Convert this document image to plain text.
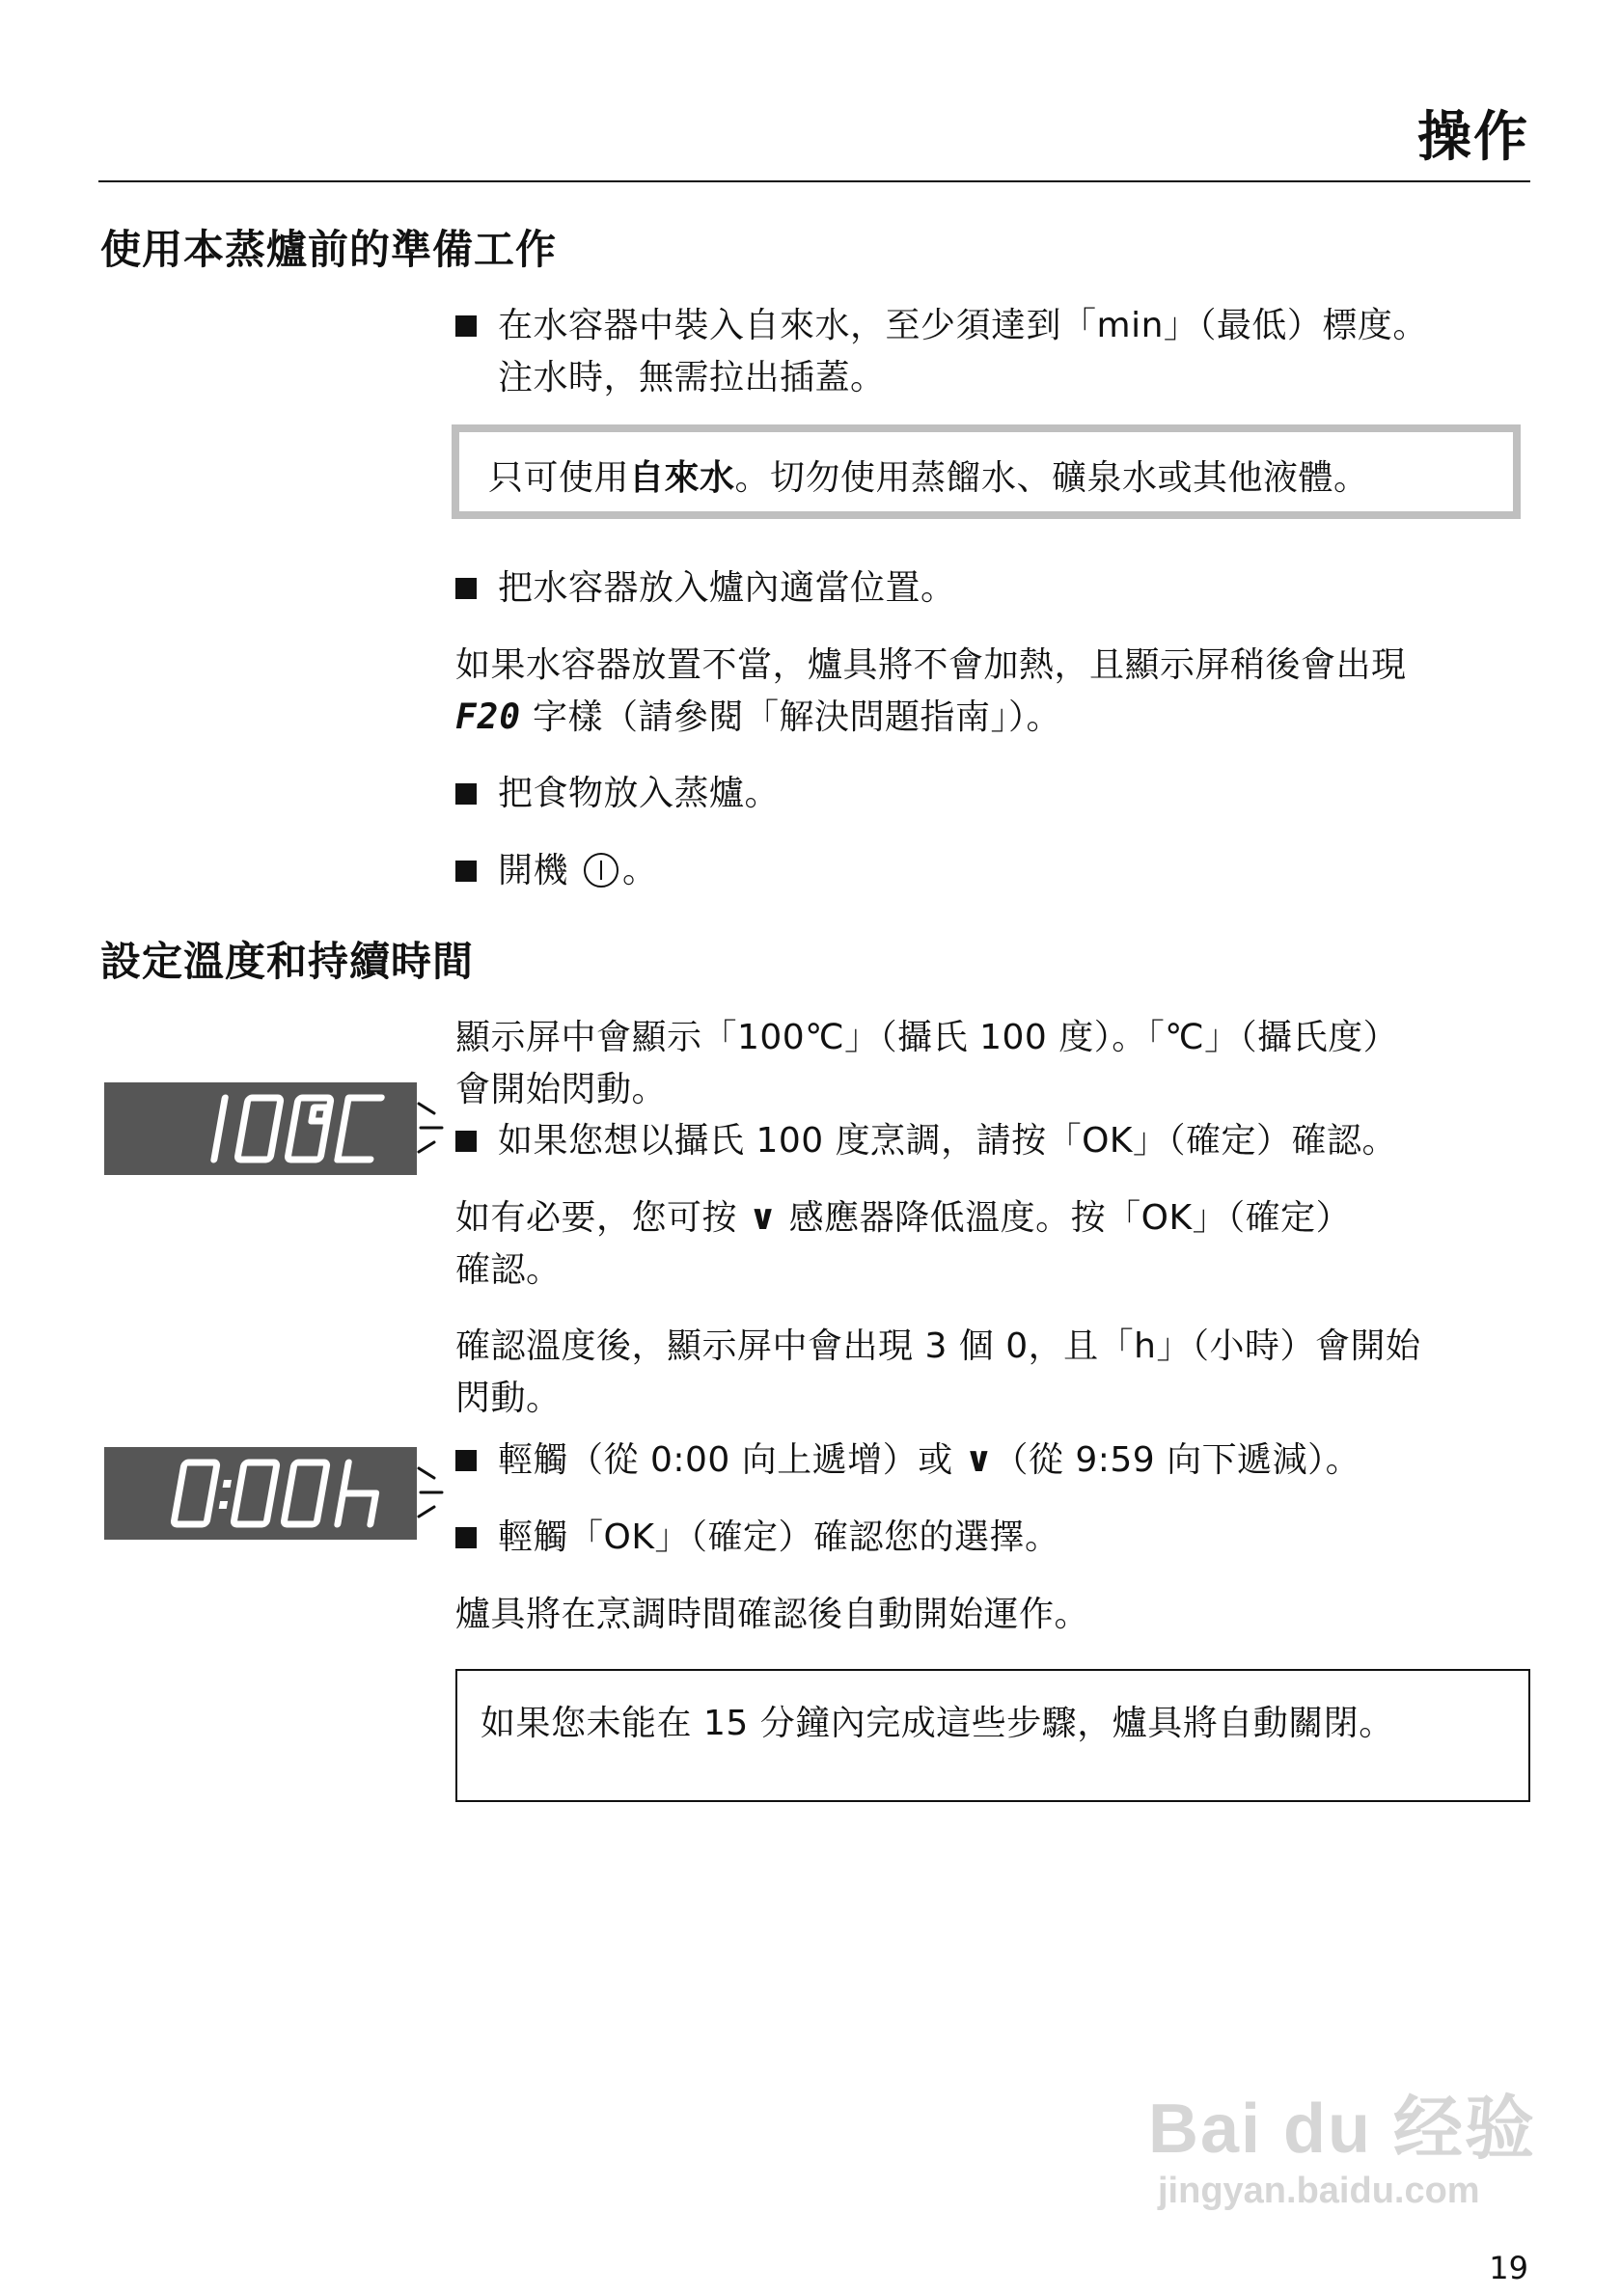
操作
使用本蒸爐前的準備工作
在水容器中裝入自來水，至少須達到「min」（最低）標度。
注水時，無需拉出插蓋。
只可使用自來水。切勿使用蒸餾水、礦泉水或其他液體。
把水容器放入爐內適當位置。
如果水容器放置不當，爐具將不會加熱，且顯示屏稍後會出現
F20 字樣（請參閱「解決問題指南」）。
把食物放入蒸爐。
開機 。
設定溫度和持續時間
顯示屏中會顯示「100℃」（攝氏 100 度）。「℃」（攝氏度）
會開始閃動。
如果您想以攝氏 100 度烹調，請按「OK」（確定）確認。
如有必要，您可按 ∨ 感應器降低溫度。按「OK」（確定）
確認。
確認溫度後，顯示屏中會出現 3 個 0，且「h」（小時）會開始
閃動。
輕觸（從 0:00 向上遞增）或 ∨（從 9:59 向下遞減）。
輕觸「OK」（確定）確認您的選擇。
爐具將在烹調時間確認後自動開始運作。
如果您未能在 15 分鐘內完成這些步驟，爐具將自動關閉。
Bai du 经验
jingyan.baidu.com
19
